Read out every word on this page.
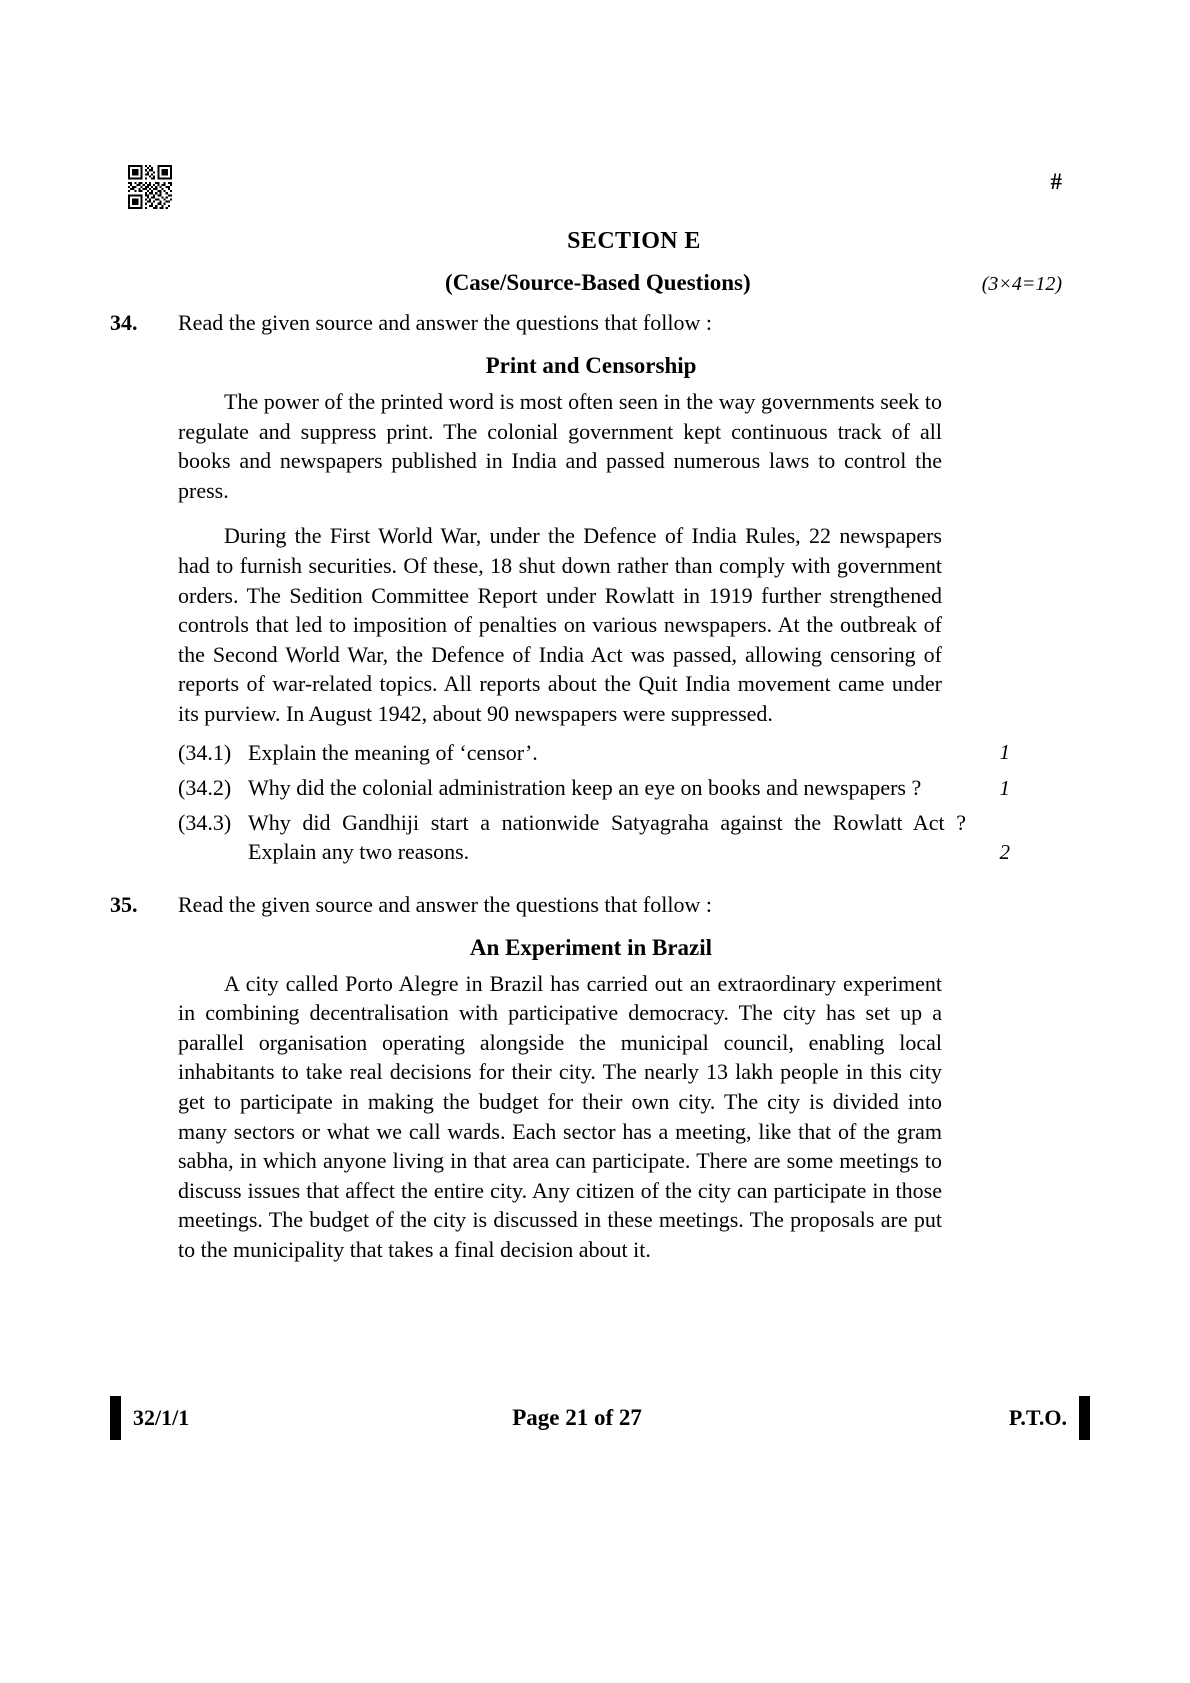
#
SECTION E
(Case/Source-Based Questions)	(3×4=12)
34.	Read the given source and answer the questions that follow :
Print and Censorship

The power of the printed word is most often seen in the way governments seek to regulate and suppress print. The colonial government kept continuous track of all books and newspapers published in India and passed numerous laws to control the press.

During the First World War, under the Defence of India Rules, 22 newspapers had to furnish securities. Of these, 18 shut down rather than comply with government orders. The Sedition Committee Report under Rowlatt in 1919 further strengthened controls that led to imposition of penalties on various newspapers. At the outbreak of the Second World War, the Defence of India Act was passed, allowing censoring of reports of war-related topics. All reports about the Quit India movement came under its purview. In August 1942, about 90 newspapers were suppressed.

(34.1) Explain the meaning of ‘censor’.	1
(34.2) Why did the colonial administration keep an eye on books and newspapers ?	1
(34.3) Why did Gandhiji start a nationwide Satyagraha against the Rowlatt Act ? Explain any two reasons.	2
35.	Read the given source and answer the questions that follow :
An Experiment in Brazil

A city called Porto Alegre in Brazil has carried out an extraordinary experiment in combining decentralisation with participative democracy. The city has set up a parallel organisation operating alongside the municipal council, enabling local inhabitants to take real decisions for their city. The nearly 13 lakh people in this city get to participate in making the budget for their own city. The city is divided into many sectors or what we call wards. Each sector has a meeting, like that of the gram sabha, in which anyone living in that area can participate. There are some meetings to discuss issues that affect the entire city. Any citizen of the city can participate in those meetings. The budget of the city is discussed in these meetings. The proposals are put to the municipality that takes a final decision about it.

32/1/1	Page 21 of 27	P.T.O.
